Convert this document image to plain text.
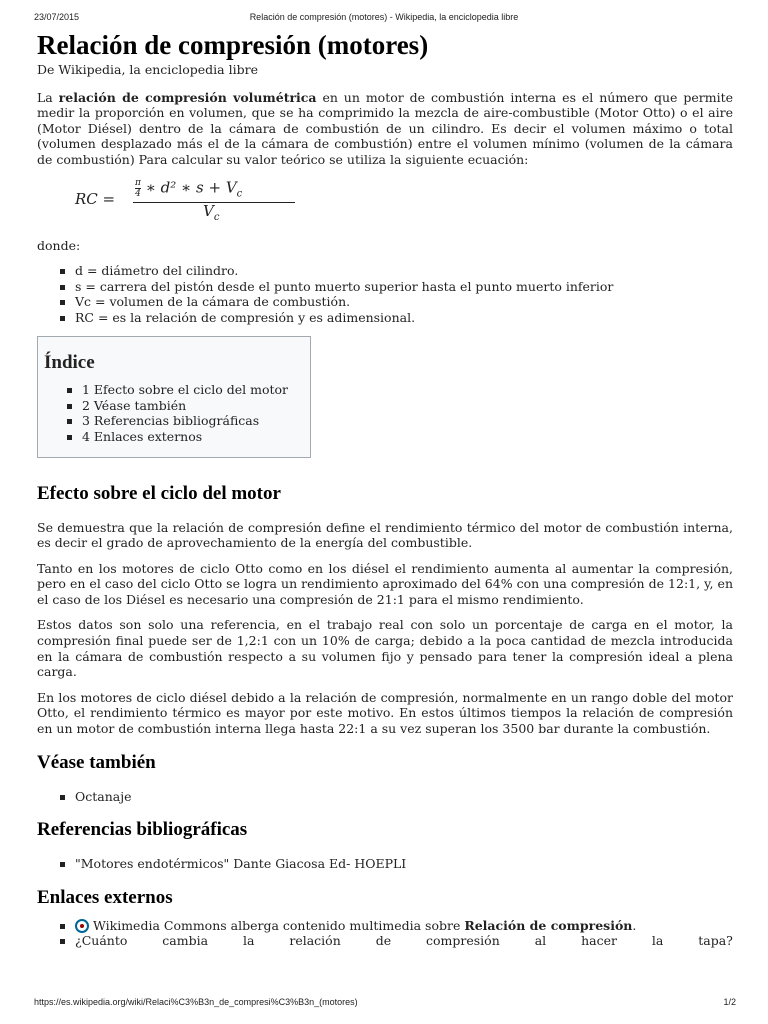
23/07/2015	Relación de compresión (motores) - Wikipedia, la enciclopedia libre
Relación de compresión (motores)
De Wikipedia, la enciclopedia libre

La relación de compresión volumétrica en un motor de combustión interna es el número que permite medir la proporción en volumen, que se ha comprimido la mezcla de aire-combustible (Motor Otto) o el aire (Motor Diésel) dentro de la cámara de combustión de un cilindro. Es decir el volumen máximo o total (volumen desplazado más el de la cámara de combustión) entre el volumen mínimo (volumen de la cámara de combustión) Para calcular su valor teórico se utiliza la siguiente ecuación:

RC = $\frac{\pi}{4}$ ∗ d² ∗ $s + V_c$
$V_c$

donde:

d = diámetro del cilindro.
s = carrera del pistón desde el punto muerto superior hasta el punto muerto inferior
Vc = volumen de la cámara de combustión.
RC = es la relación de compresión y es adimensional.
Índice
1 Efecto sobre el ciclo del motor
2 Véase también
3 Referencias bibliográficas
4 Enlaces externos
Efecto sobre el ciclo del motor

Se demuestra que la relación de compresión define el rendimiento térmico del motor de combustión interna, es decir el grado de aprovechamiento de la energía del combustible.

Tanto en los motores de ciclo Otto como en los diésel el rendimiento aumenta al aumentar la compresión, pero en el caso del ciclo Otto se logra un rendimiento aproximado del 64% con una compresión de 12:1, y, en el caso de los Diésel es necesario una compresión de 21:1 para el mismo rendimiento.

Estos datos son solo una referencia, en el trabajo real con solo un porcentaje de carga en el motor, la compresión final puede ser de 1,2:1 con un 10% de carga; debido a la poca cantidad de mezcla introducida en la cámara de combustión respecto a su volumen fijo y pensado para tener la compresión ideal a plena carga.

En los motores de ciclo diésel debido a la relación de compresión, normalmente en un rango doble del motor Otto, el rendimiento térmico es mayor por este motivo. En estos últimos tiempos la relación de compresión en un motor de combustión interna llega hasta 22:1 a su vez superan los 3500 bar durante la combustión.

Véase también
Octanaje
Referencias bibliográficas
"Motores endotérmicos" Dante Giacosa Ed- HOEPLI
Enlaces externos
Wikimedia Commons alberga contenido multimedia sobre Relación de compresión.
¿Cuánto	cambia	la	relación	de	compresión	al	hacer	la	tapa?
https://es.wikipedia.org/wiki/Relaci%C3%B3n_de_compresi%C3%B3n_(motores)	1/2
